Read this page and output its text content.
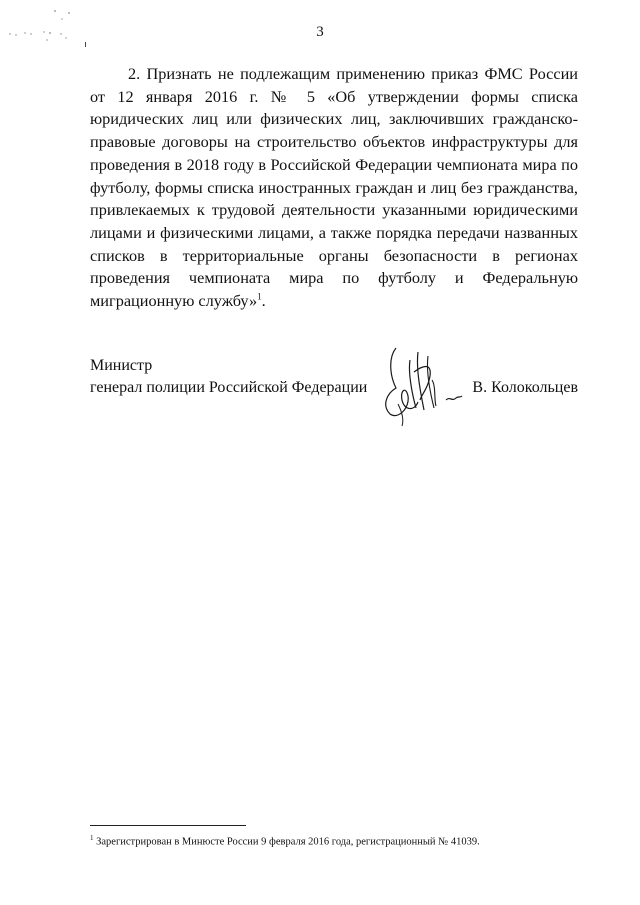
3

2. Признать не подлежащим применению приказ ФМС России от 12 января 2016 г. № 5 «Об утверждении формы списка юридических лиц или физических лиц, заключивших гражданско-правовые договоры на строительство объектов инфраструктуры для проведения в 2018 году в Российской Федерации чемпионата мира по футболу, формы списка иностранных граждан и лиц без гражданства, привлекаемых к трудовой деятельности указанными юридическими лицами и физическими лицами, а также порядка передачи названных списков в территориальные органы безопасности в регионах проведения чемпионата мира по футболу и Федеральную миграционную службу»$^1$.

Министр
генерал полиции Российской Федерации	В. Колокольцев
$^1$ Зарегистрирован в Минюсте России 9 февраля 2016 года, регистрационный № 41039.
